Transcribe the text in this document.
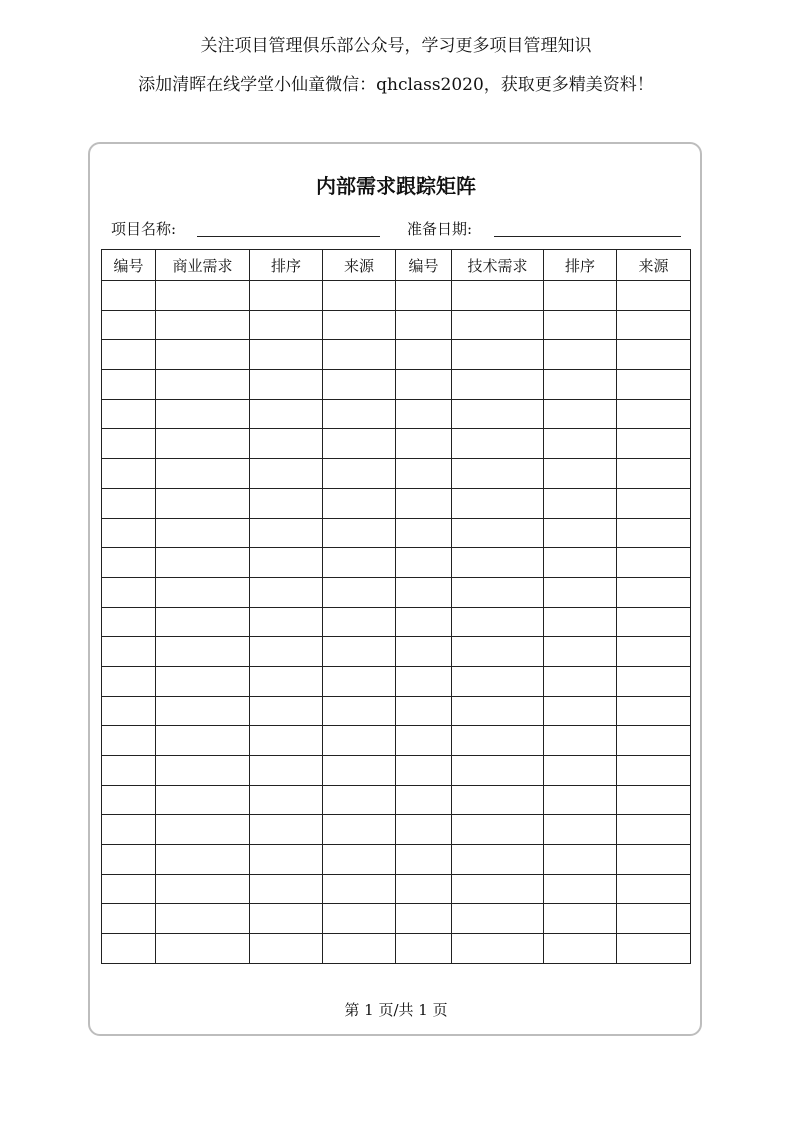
关注项目管理俱乐部公众号，学习更多项目管理知识
添加清晖在线学堂小仙童微信：qhclass2020，获取更多精美资料！
内部需求跟踪矩阵
项目名称:	准备日期:
编号	商业需求	排序	来源	编号	技术需求	排序	来源

第 1 页/共 1 页
